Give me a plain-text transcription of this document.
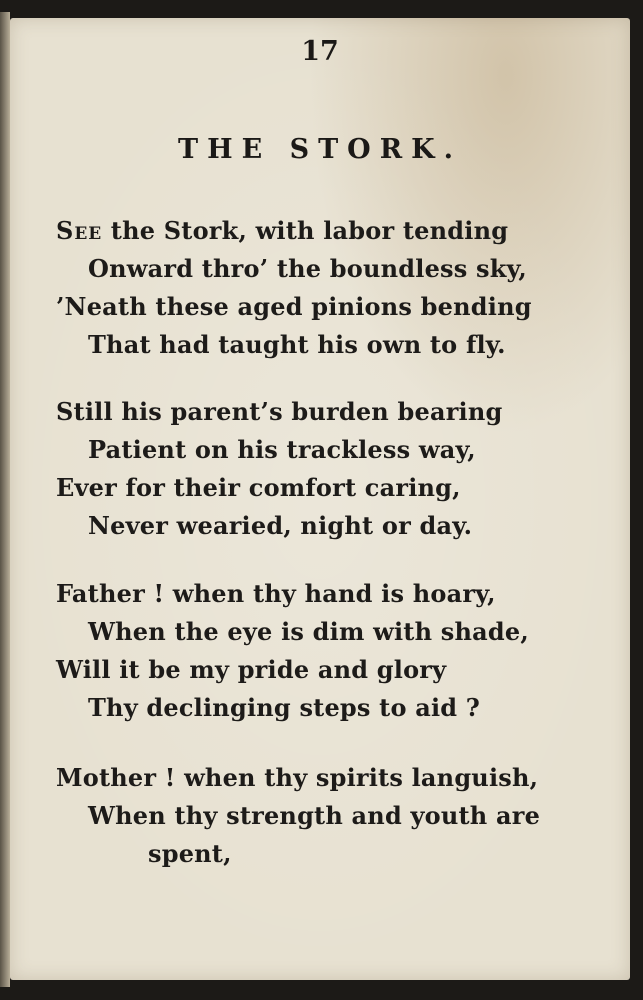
17
THE STORK.
See the Stork, with labor tending
Onward thro’ the boundless sky,
’Neath these aged pinions bending
That had taught his own to fly.
Still his parent’s burden bearing
Patient on his trackless way,
Ever for their comfort caring,
Never wearied, night or day.
Father ! when thy hand is hoary,
When the eye is dim with shade,
Will it be my pride and glory
Thy declinging steps to aid ?
Mother ! when thy spirits languish,
When thy strength and youth are
spent,
